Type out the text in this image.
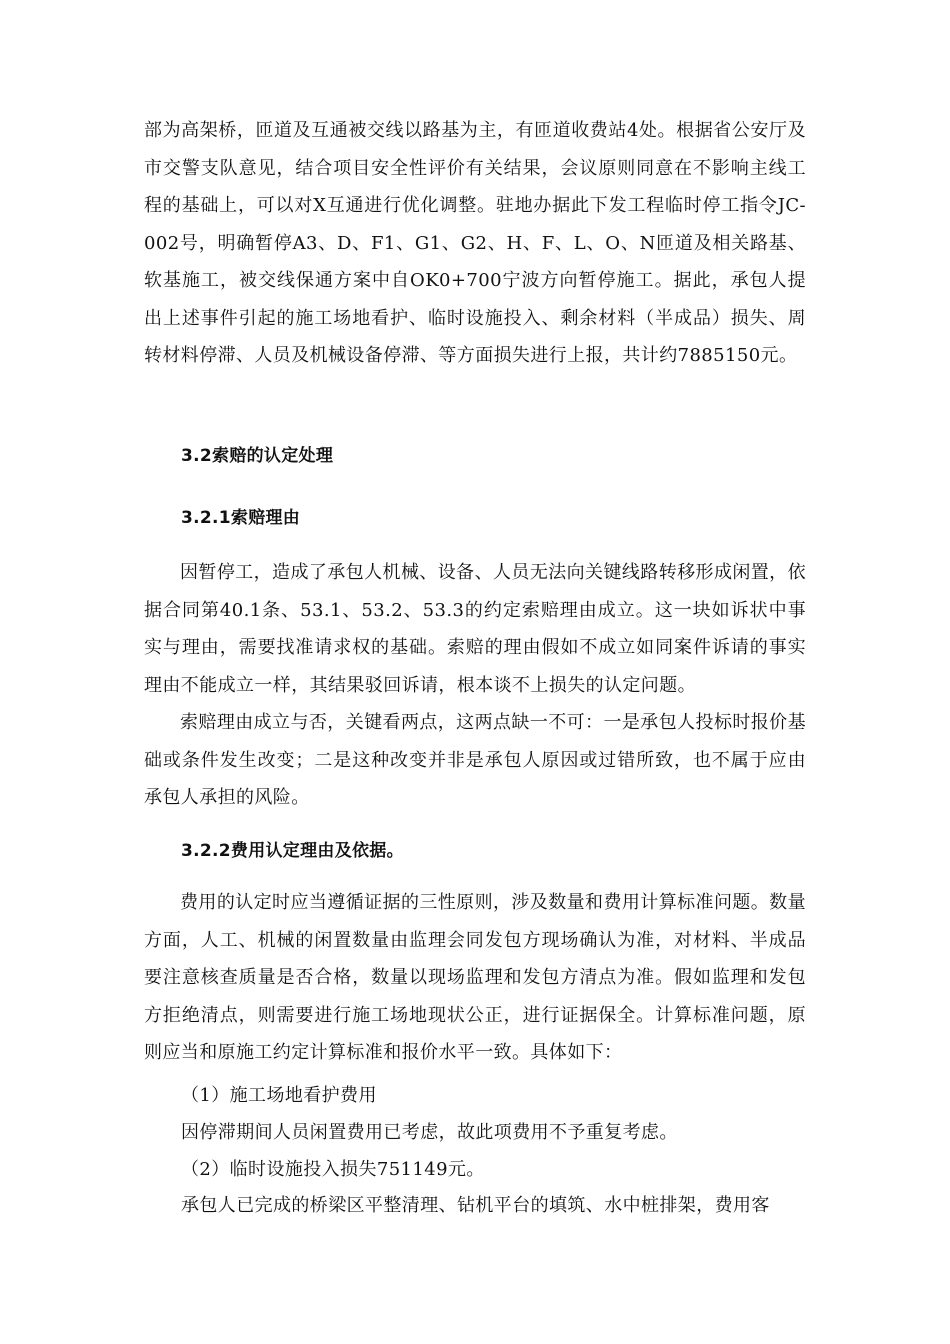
部为高架桥，匝道及互通被交线以路基为主，有匝道收费站4处。根据省公安厅及市交警支队意见，结合项目安全性评价有关结果，会议原则同意在不影响主线工程的基础上，可以对X互通进行优化调整。驻地办据此下发工程临时停工指令JC-002号，明确暂停A3、D、F1、G1、G2、H、F、L、O、N匝道及相关路基、软基施工，被交线保通方案中自OK0+700宁波方向暂停施工。据此，承包人提出上述事件引起的施工场地看护、临时设施投入、剩余材料（半成品）损失、周转材料停滞、人员及机械设备停滞、等方面损失进行上报，共计约7885150元。
3.2索赔的认定处理
3.2.1索赔理由
因暂停工，造成了承包人机械、设备、人员无法向关键线路转移形成闲置，依据合同第40.1条、53.1、53.2、53.3的约定索赔理由成立。这一块如诉状中事实与理由，需要找准请求权的基础。索赔的理由假如不成立如同案件诉请的事实理由不能成立一样，其结果驳回诉请，根本谈不上损失的认定问题。
索赔理由成立与否，关键看两点，这两点缺一不可：一是承包人投标时报价基础或条件发生改变；二是这种改变并非是承包人原因或过错所致，也不属于应由承包人承担的风险。
3.2.2费用认定理由及依据。
费用的认定时应当遵循证据的三性原则，涉及数量和费用计算标准问题。数量方面，人工、机械的闲置数量由监理会同发包方现场确认为准，对材料、半成品要注意核查质量是否合格，数量以现场监理和发包方清点为准。假如监理和发包方拒绝清点，则需要进行施工场地现状公正，进行证据保全。计算标准问题，原则应当和原施工约定计算标准和报价水平一致。具体如下：
（1）施工场地看护费用
因停滞期间人员闲置费用已考虑，故此项费用不予重复考虑。
（2）临时设施投入损失751149元。
承包人已完成的桥梁区平整清理、钻机平台的填筑、水中桩排架，费用客
